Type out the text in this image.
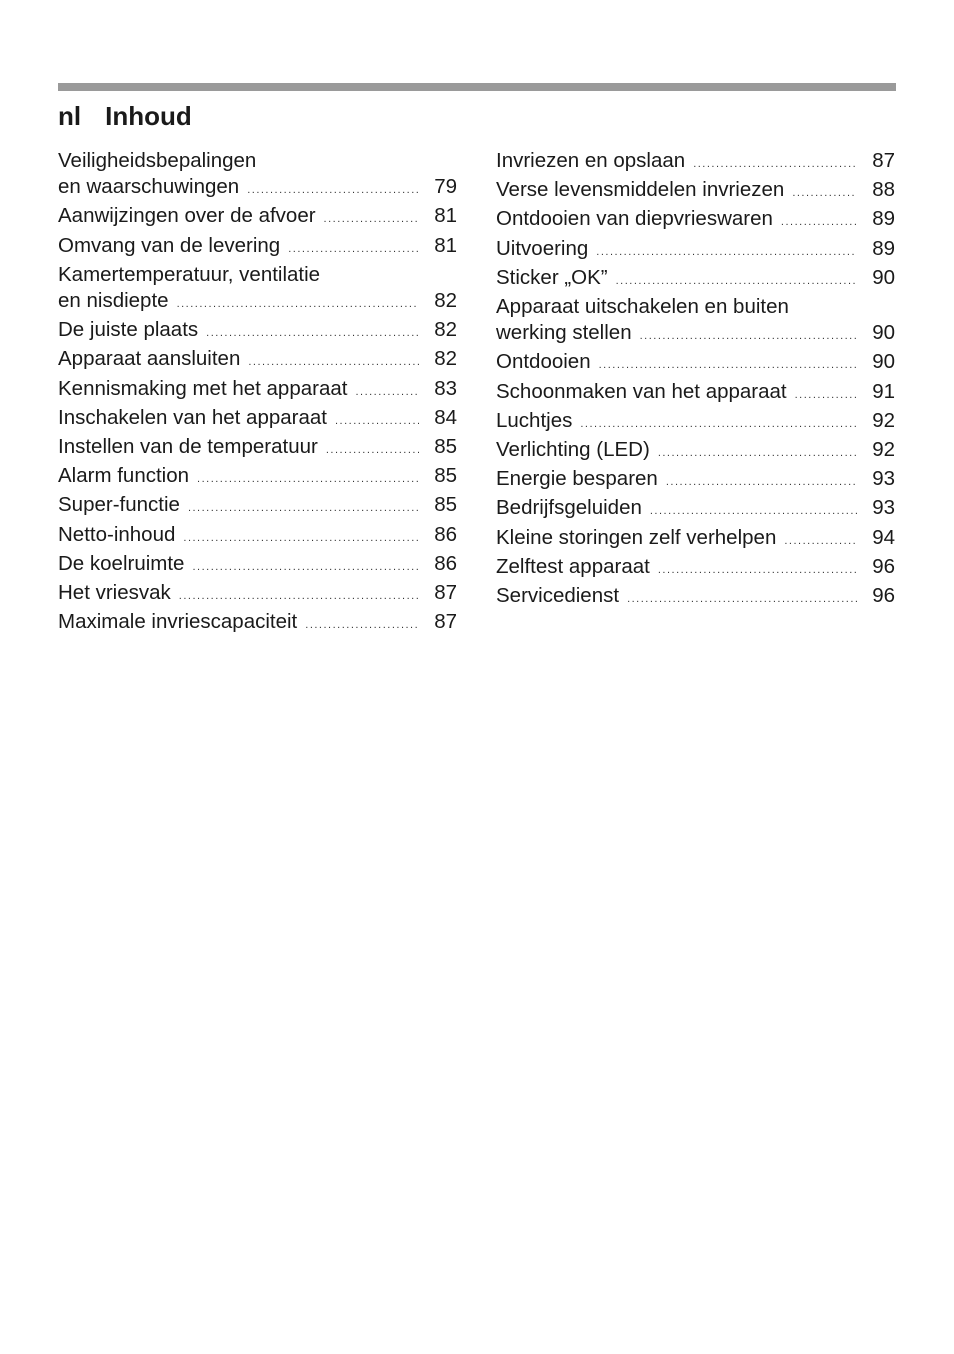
nl Inhoud
Veiligheidsbepalingen
en waarschuwingen .....	79
Aanwijzingen over de afvoer .....	81
Omvang van de levering .....	81
Kamertemperatuur, ventilatie
en nisdiepte .....	82
De juiste plaats .....	82
Apparaat aansluiten .....	82
Kennismaking met het apparaat .....	83
Inschakelen van het apparaat .....	84
Instellen van de temperatuur .....	85
Alarm function .....	85
Super-functie .....	85
Netto-inhoud .....	86
De koelruimte .....	86
Het vriesvak .....	87
Maximale invriescapaciteit .....	87
Invriezen en opslaan .....	87
Verse levensmiddelen invriezen .....	88
Ontdooien van diepvrieswaren .....	89
Uitvoering .....	89
Sticker „OK” .....	90
Apparaat uitschakelen en buiten
werking stellen .....	90
Ontdooien .....	90
Schoonmaken van het apparaat .....	91
Luchtjes .....	92
Verlichting (LED) .....	92
Energie besparen .....	93
Bedrijfsgeluiden .....	93
Kleine storingen zelf verhelpen .....	94
Zelftest apparaat .....	96
Servicedienst .....	96
